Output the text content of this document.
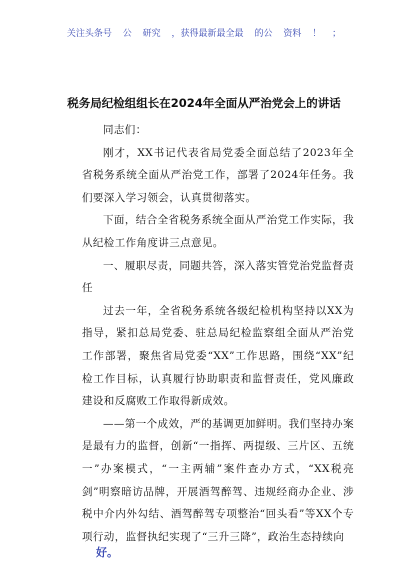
关注头条号 公 研究 ，获得最新最全最 的公 资料 ！ ；
税务局纪检组组长在2024年全面从严治党会上的讲话

同志们：

刚才，XX书记代表省局党委全面总结了2023年全省税务系统全面从严治党工作，部署了2024年任务。我们要深入学习领会，认真贯彻落实。

下面，结合全省税务系统全面从严治党工作实际，我从纪检工作角度讲三点意见。

一、履职尽责，同题共答，深入落实管党治党监督责任

过去一年，全省税务系统各级纪检机构坚持以XX为指导，紧扣总局党委、驻总局纪检监察组全面从严治党工作部署，聚焦省局党委“XX”工作思路，围绕“XX”纪检工作目标，认真履行协助职责和监督责任，党风廉政建设和反腐败工作取得新成效。

——第一个成效，严的基调更加鲜明。我们坚持办案是最有力的监督，创新“一指挥、两提级、三片区、五统一”办案模式，“一主两辅”案件查办方式，“XX税亮剑”明察暗访品牌，开展酒驾醉驾、违规经商办企业、涉税中介内外勾结、酒驾醉驾专项整治“回头看”等XX个专项行动，监督执纪实现了“三升三降”，政治生态持续向

好。
